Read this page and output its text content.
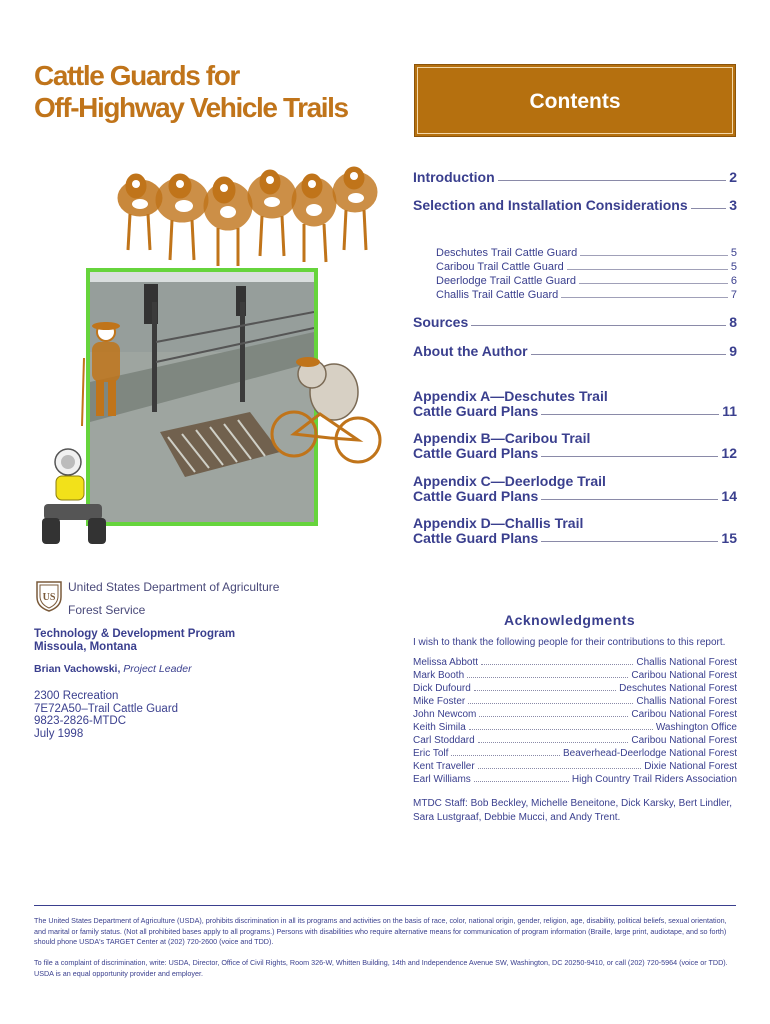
Cattle Guards for
Off-Highway Vehicle Trails	Contents
Introduction	2
Selection and Installation Considerations	3
Deschutes Trail Cattle Guard	5
Caribou Trail Cattle Guard	5
Deerlodge Trail Cattle Guard	6
Challis Trail Cattle Guard	7
Sources	8
About the Author	9
Appendix A—Deschutes Trail
Cattle Guard Plans	11
Appendix B—Caribou Trail
Cattle Guard Plans	12
Appendix C—Deerlodge Trail
Cattle Guard Plans	14
Appendix D—Challis Trail
Cattle Guard Plans	15
US
United States Department of Agriculture
Forest Service
Technology & Development Program
Missoula, Montana
Brian Vachowski, Project Leader
2300 Recreation
7E72A50–Trail Cattle Guard
9823-2826-MTDC
July 1998
Acknowledgments
I wish to thank the following people for their contributions to this report.
Melissa Abbott	Challis National Forest
Mark Booth	Caribou National Forest
Dick Dufourd	Deschutes National Forest
Mike Foster	Challis National Forest
John Newcom	Caribou National Forest
Keith Simila	Washington Office
Carl Stoddard	Caribou National Forest
Eric Tolf	Beaverhead-Deerlodge National Forest
Kent Traveller	Dixie National Forest
Earl Williams	High Country Trail Riders Association
MTDC Staff: Bob Beckley, Michelle Beneitone, Dick Karsky, Bert Lindler,
Sara Lustgraaf, Debbie Mucci, and Andy Trent.
The United States Department of Agriculture (USDA), prohibits discrimination in all its programs and activities on the basis of race, color, national origin, gender, religion, age, disability, political beliefs, sexual orientation, and marital or family status. (Not all prohibited bases apply to all programs.) Persons with disabilities who require alternative means for communication of program information (Braille, large print, audiotape, and so forth) should phone USDA's TARGET Center at (202) 720-2600 (voice and TDD).
To file a complaint of discrimination, write: USDA, Director, Office of Civil Rights, Room 326-W, Whitten Building, 14th and Independence Avenue SW, Washington, DC 20250-9410, or call (202) 720-5964 (voice or TDD). USDA is an equal opportunity provider and employer.
